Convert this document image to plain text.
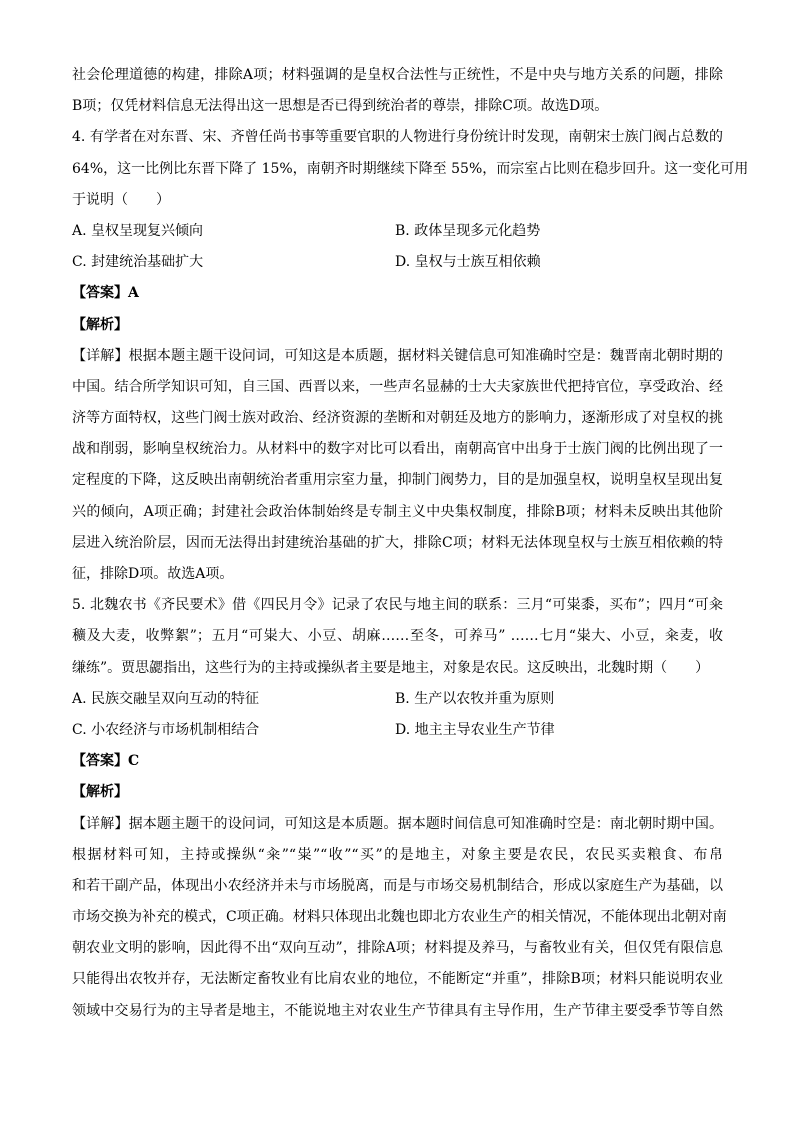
社会伦理道德的构建，排除A项；材料强调的是皇权合法性与正统性，不是中央与地方关系的问题，排除
B项；仅凭材料信息无法得出这一思想是否已得到统治者的尊崇，排除C项。故选D项。
4. 有学者在对东晋、宋、齐曾任尚书事等重要官职的人物进行身份统计时发现，南朝宋士族门阀占总数的
64%，这一比例比东晋下降了 15%，南朝齐时期继续下降至 55%，而宗室占比则在稳步回升。这一变化可用
于说明（　　）
A. 皇权呈现复兴倾向	B. 政体呈现多元化趋势
C. 封建统治基础扩大	D. 皇权与士族互相依赖
【答案】A
【解析】
【详解】根据本题主题干设问词，可知这是本质题，据材料关键信息可知准确时空是：魏晋南北朝时期的
中国。结合所学知识可知，自三国、西晋以来，一些声名显赫的士大夫家族世代把持官位，享受政治、经
济等方面特权，这些门阀士族对政治、经济资源的垄断和对朝廷及地方的影响力，逐渐形成了对皇权的挑
战和削弱，影响皇权统治力。从材料中的数字对比可以看出，南朝高官中出身于士族门阀的比例出现了一
定程度的下降，这反映出南朝统治者重用宗室力量，抑制门阀势力，目的是加强皇权，说明皇权呈现出复
兴的倾向，A项正确；封建社会政治体制始终是专制主义中央集权制度，排除B项；材料未反映出其他阶
层进入统治阶层，因而无法得出封建统治基础的扩大，排除C项；材料无法体现皇权与士族互相依赖的特
征，排除D项。故选A项。
5. 北魏农书《齐民要术》借《四民月令》记录了农民与地主间的联系：三月“可粜黍，买布”；四月“可籴
穬及大麦，收弊絮”；五月“可粜大、小豆、胡麻……至冬，可养马” ……七月“粜大、小豆，籴麦，收
缣练”。贾思勰指出，这些行为的主持或操纵者主要是地主，对象是农民。这反映出，北魏时期（　　）
A. 民族交融呈双向互动的特征	B. 生产以农牧并重为原则
C. 小农经济与市场机制相结合	D. 地主主导农业生产节律
【答案】C
【解析】
【详解】据本题主题干的设问词，可知这是本质题。据本题时间信息可知准确时空是：南北朝时期中国。
根据材料可知，主持或操纵“籴”“粜”“收”“买”的是地主，对象主要是农民，农民买卖粮食、布帛
和若干副产品，体现出小农经济并未与市场脱离，而是与市场交易机制结合，形成以家庭生产为基础，以
市场交换为补充的模式，C项正确。材料只体现出北魏也即北方农业生产的相关情况，不能体现出北朝对南
朝农业文明的影响，因此得不出“双向互动”，排除A项；材料提及养马，与畜牧业有关，但仅凭有限信息
只能得出农牧并存，无法断定畜牧业有比肩农业的地位，不能断定“并重”，排除B项；材料只能说明农业
领域中交易行为的主导者是地主，不能说地主对农业生产节律具有主导作用，生产节律主要受季节等自然
